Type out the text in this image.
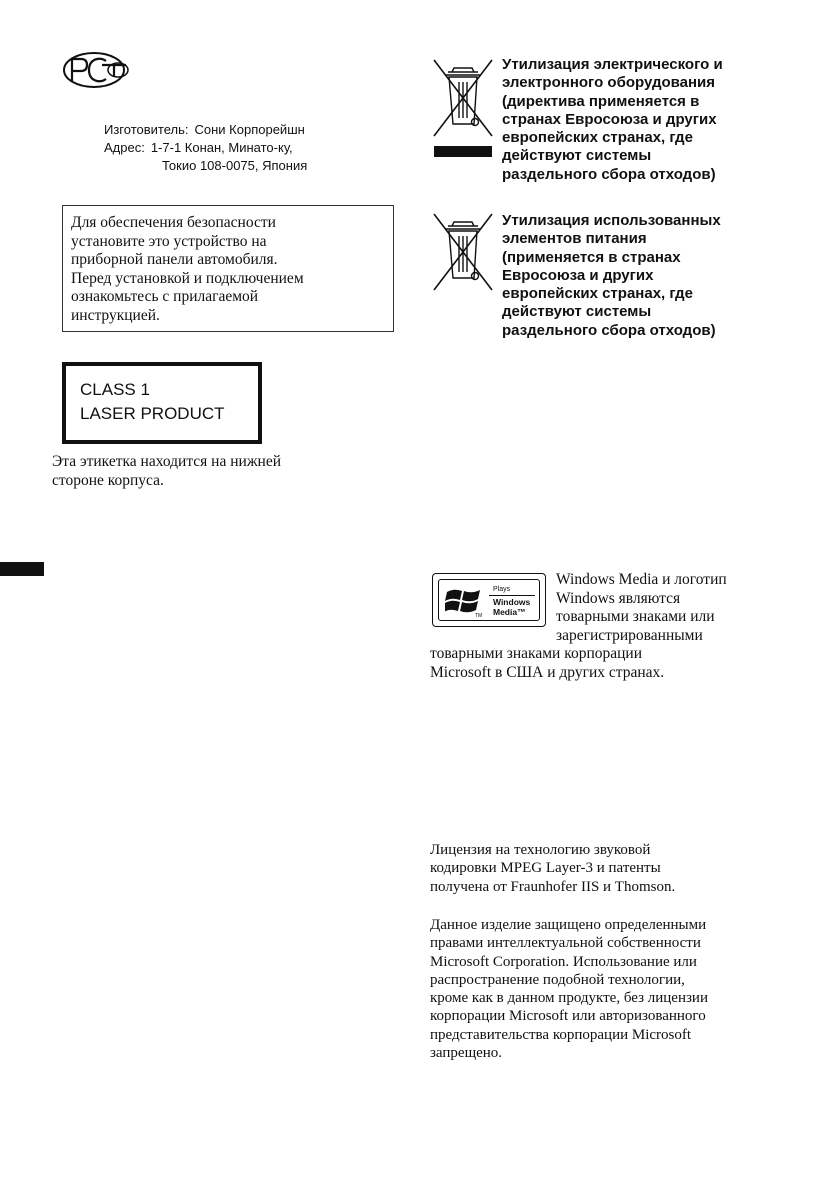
Изготовитель: Сони Корпорейшн
Адрес: 1-7-1 Конан, Минато-ку,
Токио 108-0075, Япония
Для обеспечения безопасности
установите это устройство на
приборной панели автомобиля.
Перед установкой и подключением
ознакомьтесь с прилагаемой
инструкцией.
CLASS 1
LASER PRODUCT
Эта этикетка находится на нижней
стороне корпуса.
Утилизация электрического и
электронного оборудования
(директива применяется в
странах Евросоюза и других
европейских странах, где
действуют системы
раздельного сбора отходов)
Утилизация использованных
элементов питания
(применяется в странах
Евросоюза и других
европейских странах, где
действуют системы
раздельного сбора отходов)
TM
Plays
Windows
Media™
Windows Media и логотип
Windows являются
товарными знаками или
зарегистрированными
товарными знаками корпорации
Microsoft в США и других странах.
Лицензия на технологию звуковой
кодировки MPEG Layer-3 и патенты
получена от Fraunhofer IIS и Thomson.
Данное изделие защищено определенными
правами интеллектуальной собственности
Microsoft Corporation. Использование или
распространение подобной технологии,
кроме как в данном продукте, без лицензии
корпорации Microsoft или авторизованного
представительства корпорации Microsoft
запрещено.
